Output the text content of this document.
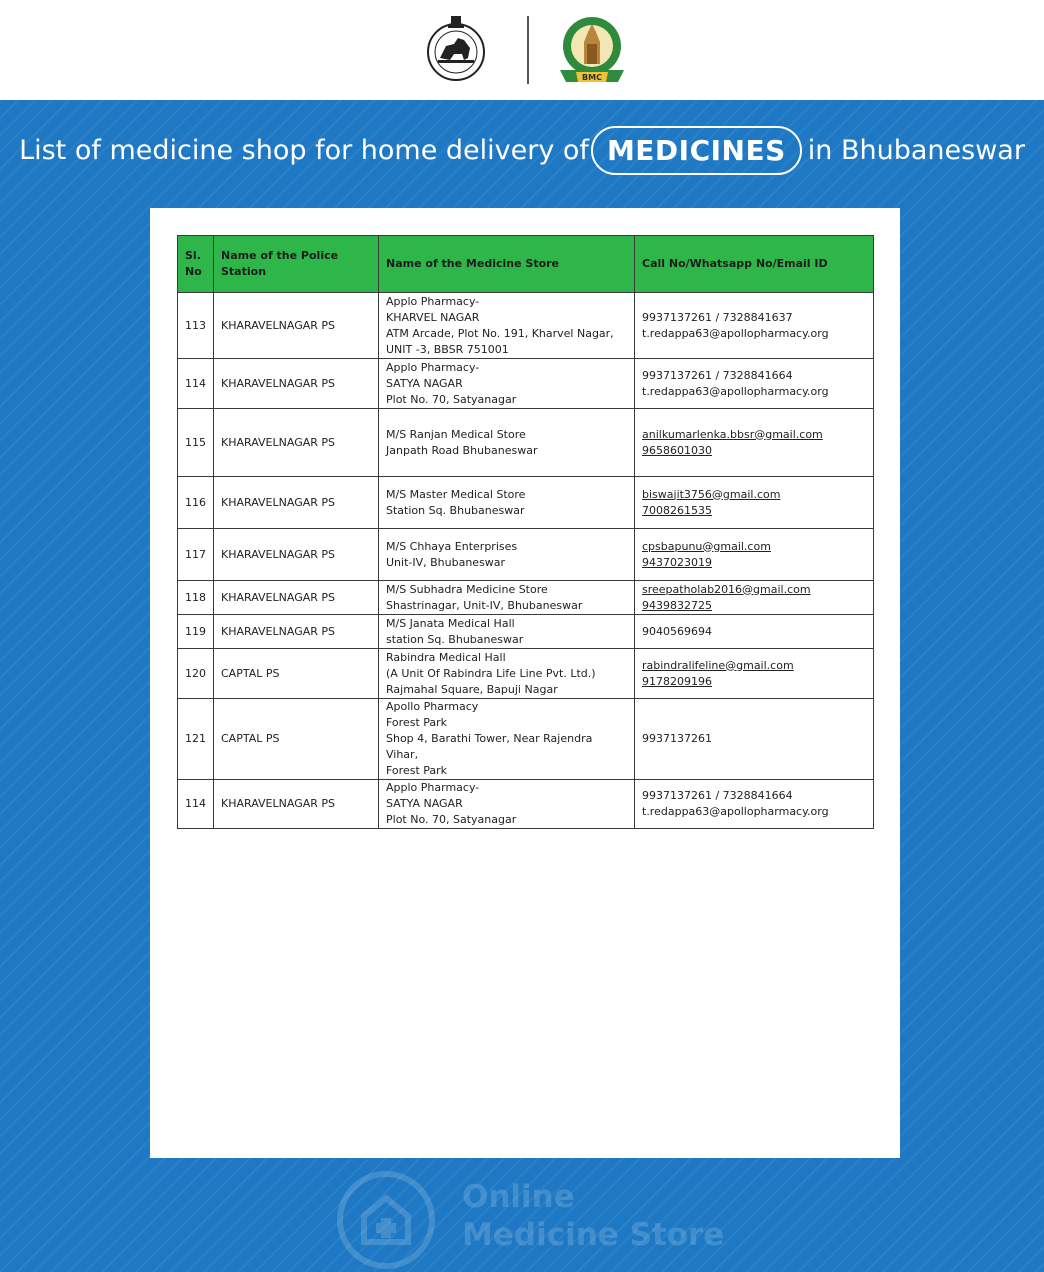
BMC
List of medicine shop for home delivery of MEDICINES in Bhubaneswar
Sl. No	Name of the Police Station	Name of the Medicine Store	Call No/Whatsapp No/Email ID
113	KHARAVELNAGAR PS	Applo Pharmacy-
KHARVEL NAGAR
ATM Arcade, Plot No. 191, Kharvel Nagar,
UNIT -3, BBSR 751001	9937137261 / 7328841637
t.redappa63@apollopharmacy.org

114	KHARAVELNAGAR PS	Applo Pharmacy-
SATYA NAGAR
Plot No. 70, Satyanagar	9937137261 / 7328841664
t.redappa63@apollopharmacy.org

115	KHARAVELNAGAR PS	M/S Ranjan Medical Store
Janpath Road Bhubaneswar	anilkumarlenka.bbsr@gmail.com
9658601030

116	KHARAVELNAGAR PS	M/S Master Medical Store
Station Sq. Bhubaneswar	biswajit3756@gmail.com
7008261535

117	KHARAVELNAGAR PS	M/S Chhaya Enterprises
Unit-IV, Bhubaneswar	cpsbapunu@gmail.com
9437023019

118	KHARAVELNAGAR PS	M/S Subhadra Medicine Store
Shastrinagar, Unit-IV, Bhubaneswar	sreepatholab2016@gmail.com
9439832725

119	KHARAVELNAGAR PS	M/S Janata Medical Hall
station Sq. Bhubaneswar	9040569694

120	CAPTAL PS	Rabindra Medical Hall
(A Unit Of Rabindra Life Line Pvt. Ltd.)
Rajmahal Square, Bapuji Nagar	rabindralifeline@gmail.com
9178209196

121	CAPTAL PS	Apollo Pharmacy
Forest Park
Shop 4, Barathi Tower, Near Rajendra Vihar,
Forest Park	9937137261

114	KHARAVELNAGAR PS	Applo Pharmacy-
SATYA NAGAR
Plot No. 70, Satyanagar	9937137261 / 7328841664
t.redappa63@apollopharmacy.org
Online
Medicine Store
